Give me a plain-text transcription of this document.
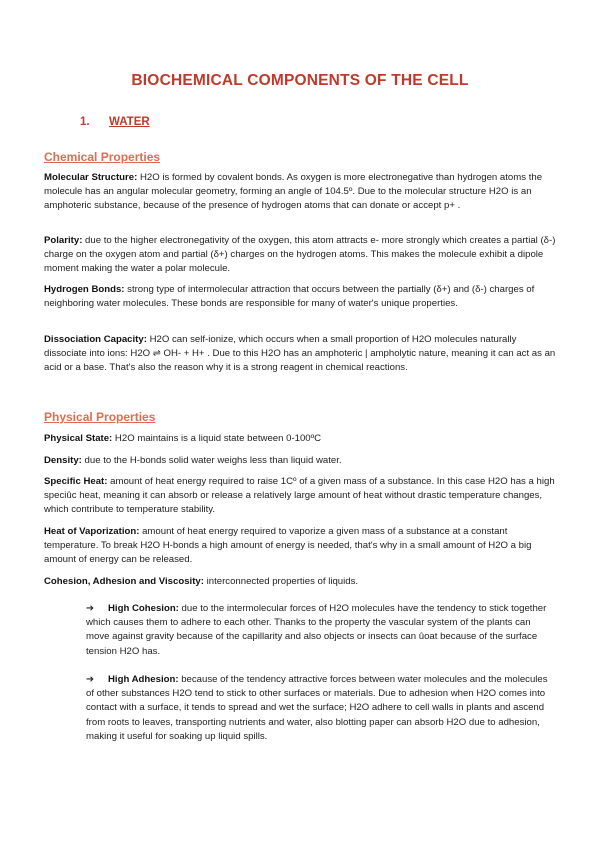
BIOCHEMICAL COMPONENTS OF THE CELL
1. WATER
Chemical Properties

Molecular Structure: H2O is formed by covalent bonds. As oxygen is more electronegative than hydrogen atoms the molecule has an angular molecular geometry, forming an angle of 104.5º. Due to the molecular structure H2O is an amphoteric substance, because of the presence of hydrogen atoms that can donate or accept p+ .

Polarity: due to the higher electronegativity of the oxygen, this atom attracts e- more strongly which creates a partial (δ-) charge on the oxygen atom and partial (δ+) charges on the hydrogen atoms. This makes the molecule exhibit a dipole moment making the water a polar molecule.

Hydrogen Bonds: strong type of intermolecular attraction that occurs between the partially (δ+) and (δ-) charges of neighboring water molecules. These bonds are responsible for many of water's unique properties.

Dissociation Capacity: H2O can self-ionize, which occurs when a small proportion of H2O molecules naturally dissociate into ions: H2O ⇌ OH- + H+ . Due to this H2O has an amphoteric | ampholytic nature, meaning it can act as an acid or a base. That's also the reason why it is a strong reagent in chemical reactions.

Physical Properties

Physical State: H2O maintains is a liquid state between 0-100ºC

Density: due to the H-bonds solid water weighs less than liquid water.

Specific Heat: amount of heat energy required to raise 1Cº of a given mass of a substance. In this case H2O has a high speciûc heat, meaning it can absorb or release a relatively large amount of heat without drastic temperature changes, which contribute to temperature stability.

Heat of Vaporization: amount of heat energy required to vaporize a given mass of a substance at a constant temperature. To break H2O H-bonds a high amount of energy is needed, that's why in a small amount of H2O a big amount of energy can be released.

Cohesion, Adhesion and Viscosity: interconnected properties of liquids.

➔ High Cohesion: due to the intermolecular forces of H2O molecules have the tendency to stick together which causes them to adhere to each other. Thanks to the property the vascular system of the plants can move against gravity because of the capillarity and also objects or insects can ûoat because of the surface tension H2O has.

➔ High Adhesion: because of the tendency attractive forces between water molecules and the molecules of other substances H2O tend to stick to other surfaces or materials. Due to adhesion when H2O comes into contact with a surface, it tends to spread and wet the surface; H2O adhere to cell walls in plants and ascend from roots to leaves, transporting nutrients and water, also blotting paper can absorb H2O due to adhesion, making it useful for soaking up liquid spills.
